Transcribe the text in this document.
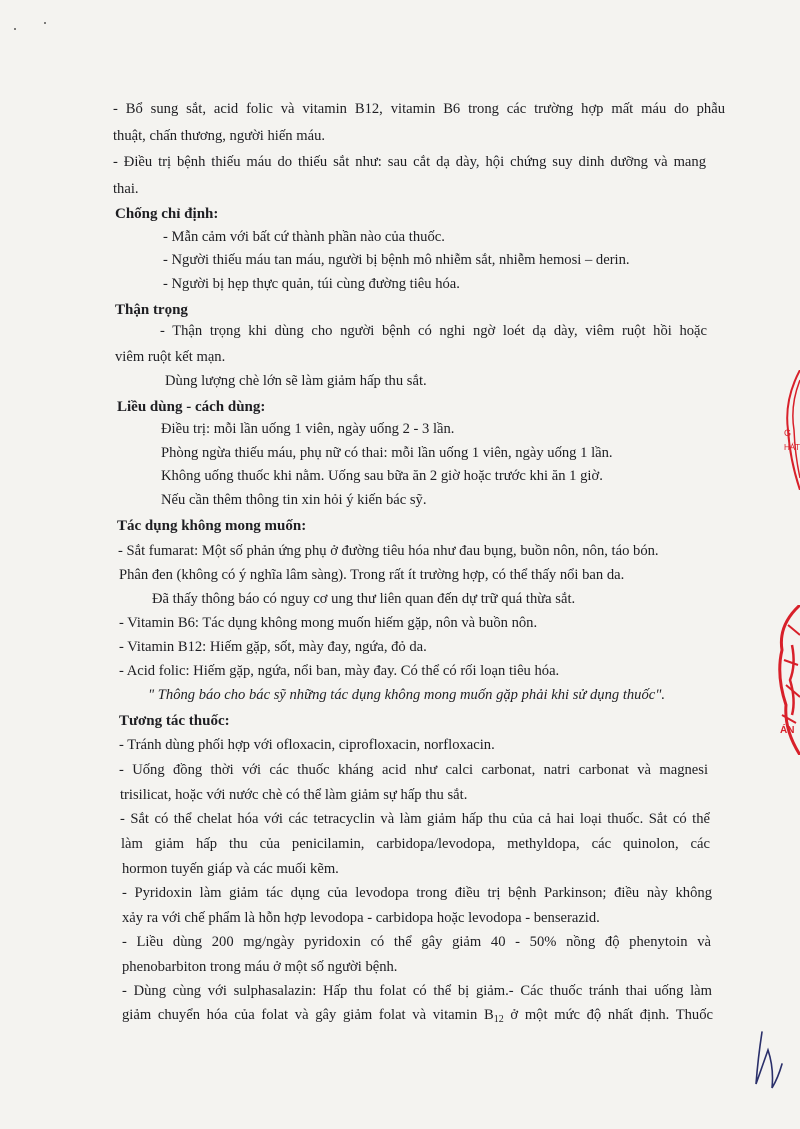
- Bổ sung sắt, acid folic và vitamin B12, vitamin B6 trong các trường hợp mất máu do phẫu
thuật, chấn thương, người hiến máu.
- Điều trị bệnh thiếu máu do thiếu sắt như: sau cắt dạ dày, hội chứng suy dinh dưỡng và mang
thai.
Chống chỉ định:
- Mẫn cảm với bất cứ thành phần nào của thuốc.
- Người thiếu máu tan máu, người bị bệnh mô nhiễm sắt, nhiễm hemosi – derin.
- Người bị hẹp thực quản, túi cùng đường tiêu hóa.
Thận trọng
- Thận trọng khi dùng cho người bệnh có nghi ngờ loét dạ dày, viêm ruột hồi hoặc
viêm ruột kết mạn.
Dùng lượng chè lớn sẽ làm giảm hấp thu sắt.
Liều dùng - cách dùng:
Điều trị: mỗi lần uống 1 viên, ngày uống 2 - 3 lần.
Phòng ngừa thiếu máu, phụ nữ có thai: mỗi lần uống 1 viên, ngày uống 1 lần.
Không uống thuốc khi nằm. Uống sau bữa ăn 2 giờ hoặc trước khi ăn 1 giờ.
Nếu cần thêm thông tin xin hỏi ý kiến bác sỹ.
Tác dụng không mong muốn:
- Sắt fumarat: Một số phản ứng phụ ở đường tiêu hóa như đau bụng, buồn nôn, nôn, táo bón.
Phân đen (không có ý nghĩa lâm sàng). Trong rất ít trường hợp, có thể thấy nổi ban da.
Đã thấy thông báo có nguy cơ ung thư liên quan đến dự trữ quá thừa sắt.
- Vitamin B6: Tác dụng không mong muốn hiếm gặp, nôn và buồn nôn.
- Vitamin B12: Hiếm gặp, sốt, mày đay, ngứa, đỏ da.
- Acid folic: Hiếm gặp, ngứa, nổi ban, mày đay. Có thể có rối loạn tiêu hóa.
" Thông báo cho bác sỹ những tác dụng không mong muốn gặp phải khi sử dụng thuốc".
Tương tác thuốc:
- Tránh dùng phối hợp với ofloxacin, ciprofloxacin, norfloxacin.
- Uống đồng thời với các thuốc kháng acid như calci carbonat, natri carbonat và magnesi
trisilicat, hoặc với nước chè có thể làm giảm sự hấp thu sắt.
- Sắt có thể chelat hóa với các tetracyclin và làm giảm hấp thu của cả hai loại thuốc. Sắt có thể
làm giảm hấp thu của penicilamin, carbidopa/levodopa, methyldopa, các quinolon, các
hormon tuyến giáp và các muối kẽm.
- Pyridoxin làm giảm tác dụng của levodopa trong điều trị bệnh Parkinson; điều này không
xảy ra với chế phẩm là hỗn hợp levodopa - carbidopa hoặc levodopa - benserazid.
- Liều dùng 200 mg/ngày pyridoxin có thể gây giảm 40 - 50% nồng độ phenytoin và
phenobarbiton trong máu ở một số người bệnh.
- Dùng cùng với sulphasalazin: Hấp thu folat có thể bị giảm.- Các thuốc tránh thai uống làm
giảm chuyển hóa của folat và gây giảm folat và vitamin $B_{12}$ ở một mức độ nhất định. Thuốc
G
HÁT
ÁN
